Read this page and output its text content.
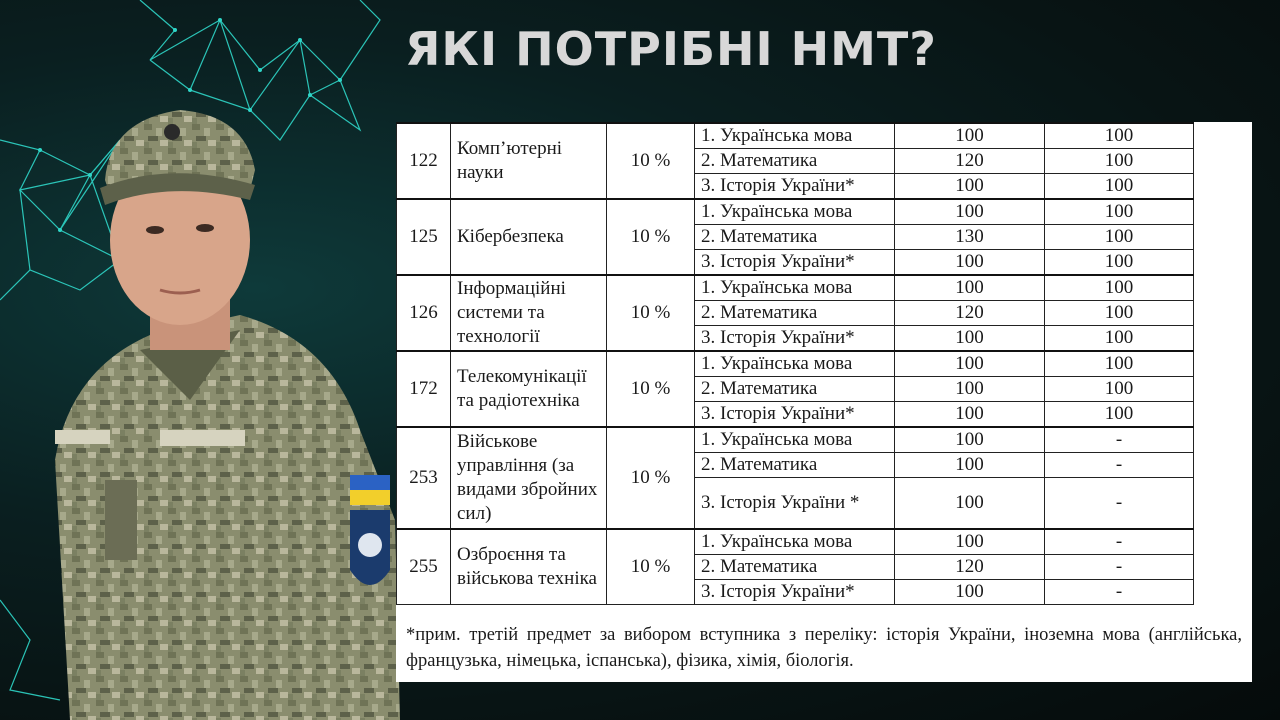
ЯКІ ПОТРІБНІ НМТ?
122	Комп’ютерні науки	10 %	1. Українська мова	100	100
			2. Математика	120	100
			3. Історія України*	100	100
125	Кібербезпека	10 %	1. Українська мова	100	100
			2. Математика	130	100
			3. Історія України*	100	100
126	Інформаційні системи та технології	10 %	1. Українська мова	100	100
			2. Математика	120	100
			3. Історія України*	100	100
172	Телекомунікації та радіотехніка	10 %	1. Українська мова	100	100
			2. Математика	100	100
			3. Історія України*	100	100
253	Військове управління (за видами збройних сил)	10 %	1. Українська мова	100	-
			2. Математика	100	-
			3. Історія України *	100	-
255	Озброєння та військова техніка	10 %	1. Українська мова	100	-
			2. Математика	120	-
			3. Історія України*	100	-

*прим. третій предмет за вибором вступника з переліку: історія України, іноземна мова (англійська, французька, німецька, іспанська), фізика, хімія, біологія.
